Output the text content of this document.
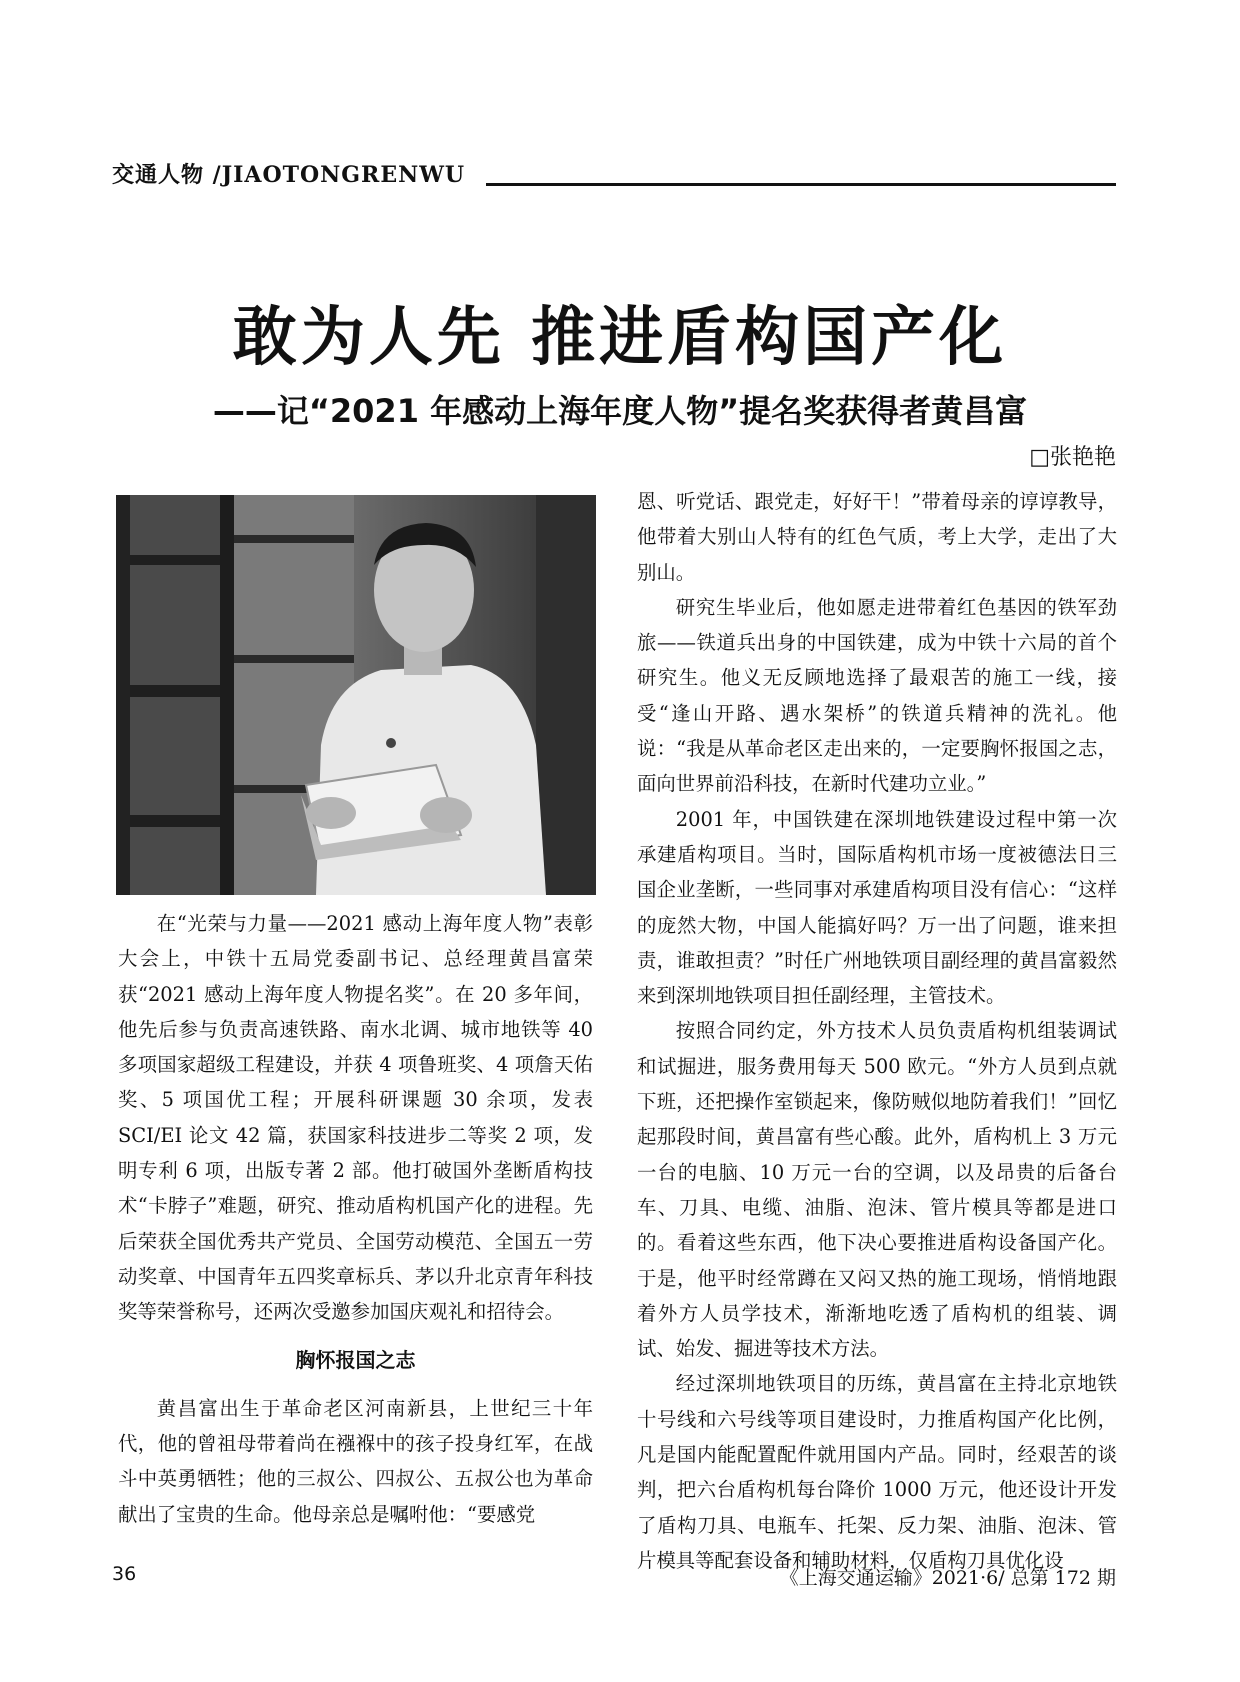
交通人物 /JIAOTONGRENWU
敢为人先 推进盾构国产化
——记“2021 年感动上海年度人物”提名奖获得者黄昌富
□张艳艳

在“光荣与力量——2021 感动上海年度人物”表彰大会上，中铁十五局党委副书记、总经理黄昌富荣获“2021 感动上海年度人物提名奖”。在 20 多年间，他先后参与负责高速铁路、南水北调、城市地铁等 40 多项国家超级工程建设，并获 4 项鲁班奖、4 项詹天佑奖、5 项国优工程；开展科研课题 30 余项，发表 SCI/EI 论文 42 篇，获国家科技进步二等奖 2 项，发明专利 6 项，出版专著 2 部。他打破国外垄断盾构技术“卡脖子”难题，研究、推动盾构机国产化的进程。先后荣获全国优秀共产党员、全国劳动模范、全国五一劳动奖章、中国青年五四奖章标兵、茅以升北京青年科技奖等荣誉称号，还两次受邀参加国庆观礼和招待会。

胸怀报国之志

黄昌富出生于革命老区河南新县，上世纪三十年代，他的曾祖母带着尚在襁褓中的孩子投身红军，在战斗中英勇牺牲；他的三叔公、四叔公、五叔公也为革命献出了宝贵的生命。他母亲总是嘱咐他：“要感党

恩、听党话、跟党走，好好干！”带着母亲的谆谆教导，他带着大别山人特有的红色气质，考上大学，走出了大别山。

研究生毕业后，他如愿走进带着红色基因的铁军劲旅——铁道兵出身的中国铁建，成为中铁十六局的首个研究生。他义无反顾地选择了最艰苦的施工一线，接受“逢山开路、遇水架桥”的铁道兵精神的洗礼。他说：“我是从革命老区走出来的，一定要胸怀报国之志，面向世界前沿科技，在新时代建功立业。”

2001 年，中国铁建在深圳地铁建设过程中第一次承建盾构项目。当时，国际盾构机市场一度被德法日三国企业垄断，一些同事对承建盾构项目没有信心：“这样的庞然大物，中国人能搞好吗？万一出了问题，谁来担责，谁敢担责？”时任广州地铁项目副经理的黄昌富毅然来到深圳地铁项目担任副经理，主管技术。

按照合同约定，外方技术人员负责盾构机组装调试和试掘进，服务费用每天 500 欧元。“外方人员到点就下班，还把操作室锁起来，像防贼似地防着我们！”回忆起那段时间，黄昌富有些心酸。此外，盾构机上 3 万元一台的电脑、10 万元一台的空调，以及昂贵的后备台车、刀具、电缆、油脂、泡沫、管片模具等都是进口的。看着这些东西，他下决心要推进盾构设备国产化。于是，他平时经常蹲在又闷又热的施工现场，悄悄地跟着外方人员学技术，渐渐地吃透了盾构机的组装、调试、始发、掘进等技术方法。

经过深圳地铁项目的历练，黄昌富在主持北京地铁十号线和六号线等项目建设时，力推盾构国产化比例，凡是国内能配置配件就用国内产品。同时，经艰苦的谈判，把六台盾构机每台降价 1000 万元，他还设计开发了盾构刀具、电瓶车、托架、反力架、油脂、泡沫、管片模具等配套设备和辅助材料，仅盾构刀具优化设

36	《上海交通运输》2021·6/ 总第 172 期
